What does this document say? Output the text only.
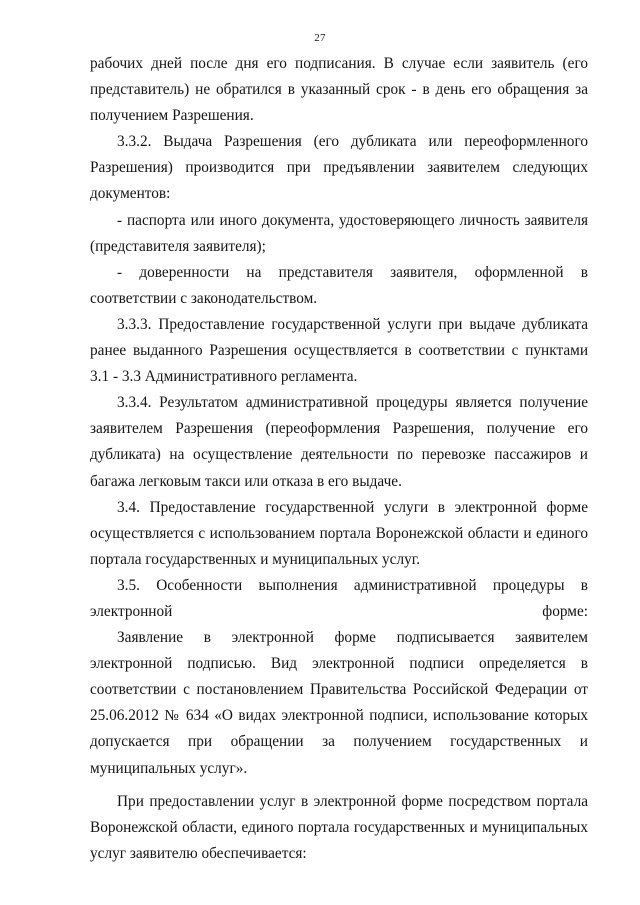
27

рабочих дней после дня его подписания. В случае если заявитель (его представитель) не обратился в указанный срок - в день его обращения за получением Разрешения.

3.3.2. Выдача Разрешения (его дубликата или переоформленного Разрешения) производится при предъявлении заявителем следующих документов:

- паспорта или иного документа, удостоверяющего личность заявителя (представителя заявителя);

- доверенности на представителя заявителя, оформленной в соответствии с законодательством.

3.3.3. Предоставление государственной услуги при выдаче дубликата ранее выданного Разрешения осуществляется в соответствии с пунктами 3.1 - 3.3 Административного регламента.

3.3.4. Результатом административной процедуры является получение заявителем Разрешения (переоформления Разрешения, получение его дубликата) на осуществление деятельности по перевозке пассажиров и багажа легковым такси или отказа в его выдаче.

3.4. Предоставление государственной услуги в электронной форме осуществляется с использованием портала Воронежской области и единого портала государственных и муниципальных услуг.

3.5. Особенности выполнения административной процедуры в электронной форме:

Заявление в электронной форме подписывается заявителем электронной подписью. Вид электронной подписи определяется в соответствии с постановлением Правительства Российской Федерации от 25.06.2012 № 634 «О видах электронной подписи, использование которых допускается при обращении за получением государственных и муниципальных услуг».

При предоставлении услуг в электронной форме посредством портала Воронежской области, единого портала государственных и муниципальных услуг заявителю обеспечивается:
